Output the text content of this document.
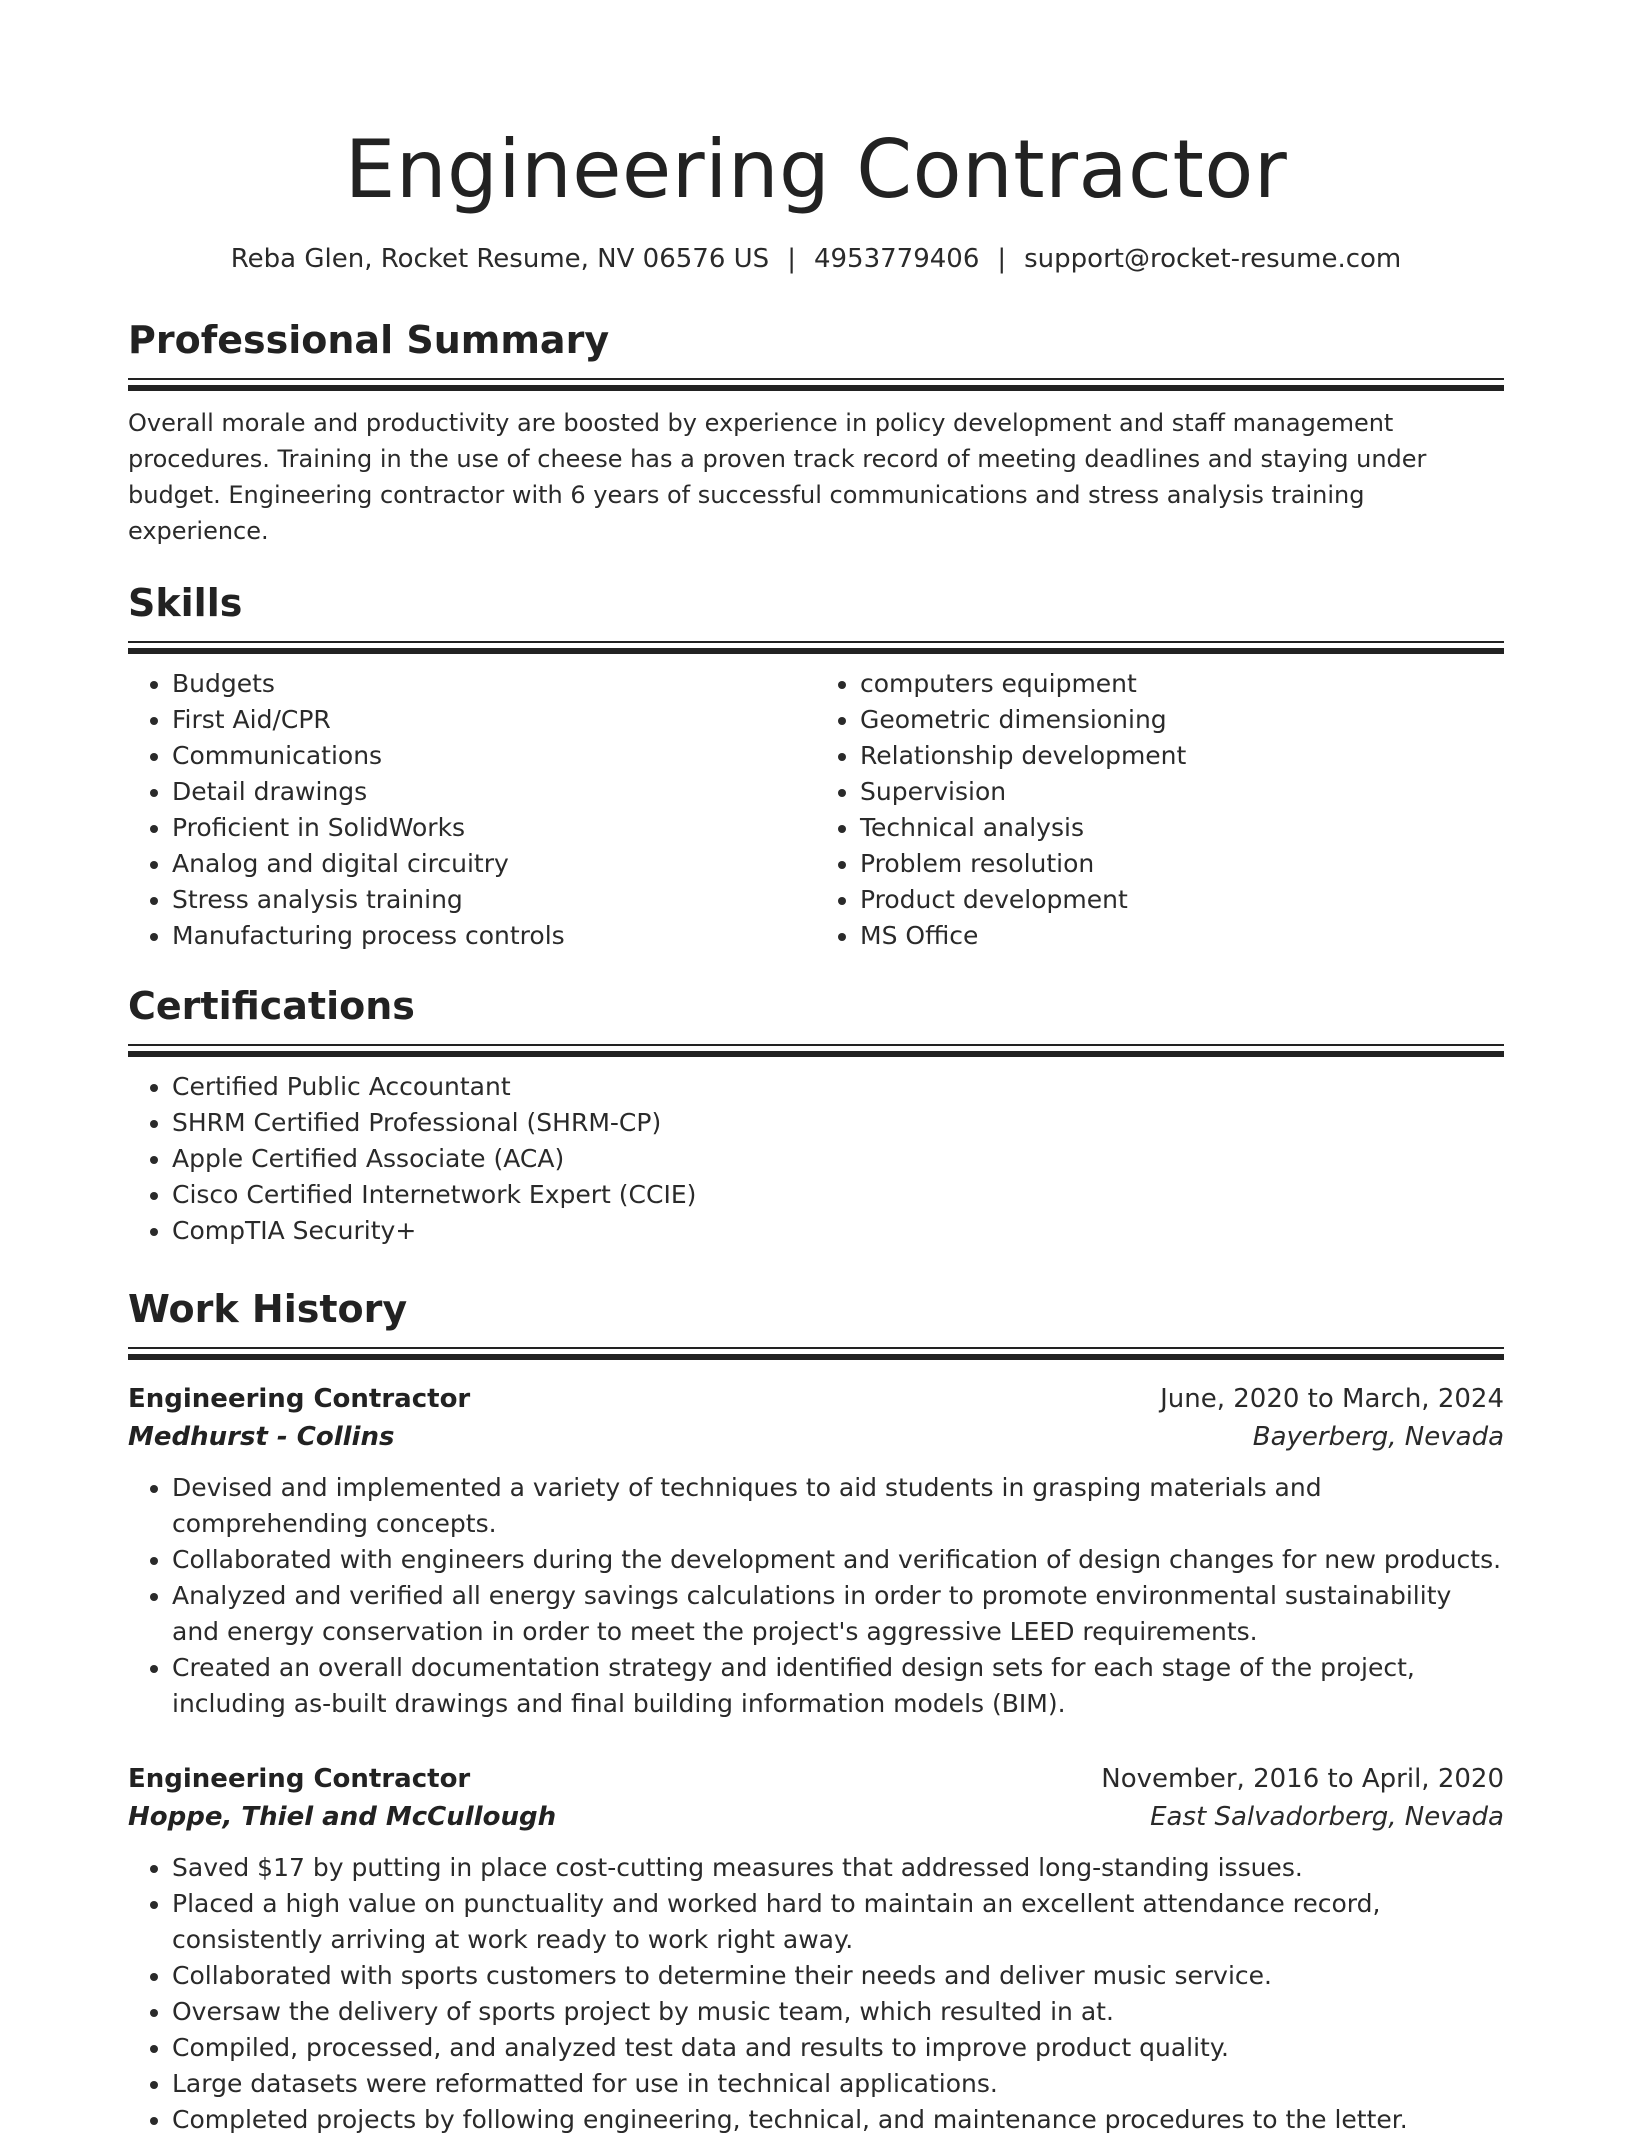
Engineering Contractor
Reba Glen, Rocket Resume, NV 06576 US | 4953779406 | support@rocket-resume.com
Professional Summary

Overall morale and productivity are boosted by experience in policy development and staff management procedures. Training in the use of cheese has a proven track record of meeting deadlines and staying under budget. Engineering contractor with 6 years of successful communications and stress analysis training experience.

Skills
• Budgets
• First Aid/CPR
• Communications
• Detail drawings
• Proficient in SolidWorks
• Analog and digital circuitry
• Stress analysis training
• Manufacturing process controls
• computers equipment
• Geometric dimensioning
• Relationship development
• Supervision
• Technical analysis
• Problem resolution
• Product development
• MS Office
Certifications
• Certified Public Accountant
• SHRM Certified Professional (SHRM-CP)
• Apple Certified Associate (ACA)
• Cisco Certified Internetwork Expert (CCIE)
• CompTIA Security+
Work History
Engineering Contractor	June, 2020 to March, 2024
Medhurst - Collins	Bayerberg, Nevada
• Devised and implemented a variety of techniques to aid students in grasping materials and comprehending concepts.
• Collaborated with engineers during the development and verification of design changes for new products.
• Analyzed and verified all energy savings calculations in order to promote environmental sustainability and energy conservation in order to meet the project's aggressive LEED requirements.
• Created an overall documentation strategy and identified design sets for each stage of the project, including as-built drawings and final building information models (BIM).
Engineering Contractor	November, 2016 to April, 2020
Hoppe, Thiel and McCullough	East Salvadorberg, Nevada
• Saved $17 by putting in place cost-cutting measures that addressed long-standing issues.
• Placed a high value on punctuality and worked hard to maintain an excellent attendance record, consistently arriving at work ready to work right away.
• Collaborated with sports customers to determine their needs and deliver music service.
• Oversaw the delivery of sports project by music team, which resulted in at.
• Compiled, processed, and analyzed test data and results to improve product quality.
• Large datasets were reformatted for use in technical applications.
• Completed projects by following engineering, technical, and maintenance procedures to the letter.
